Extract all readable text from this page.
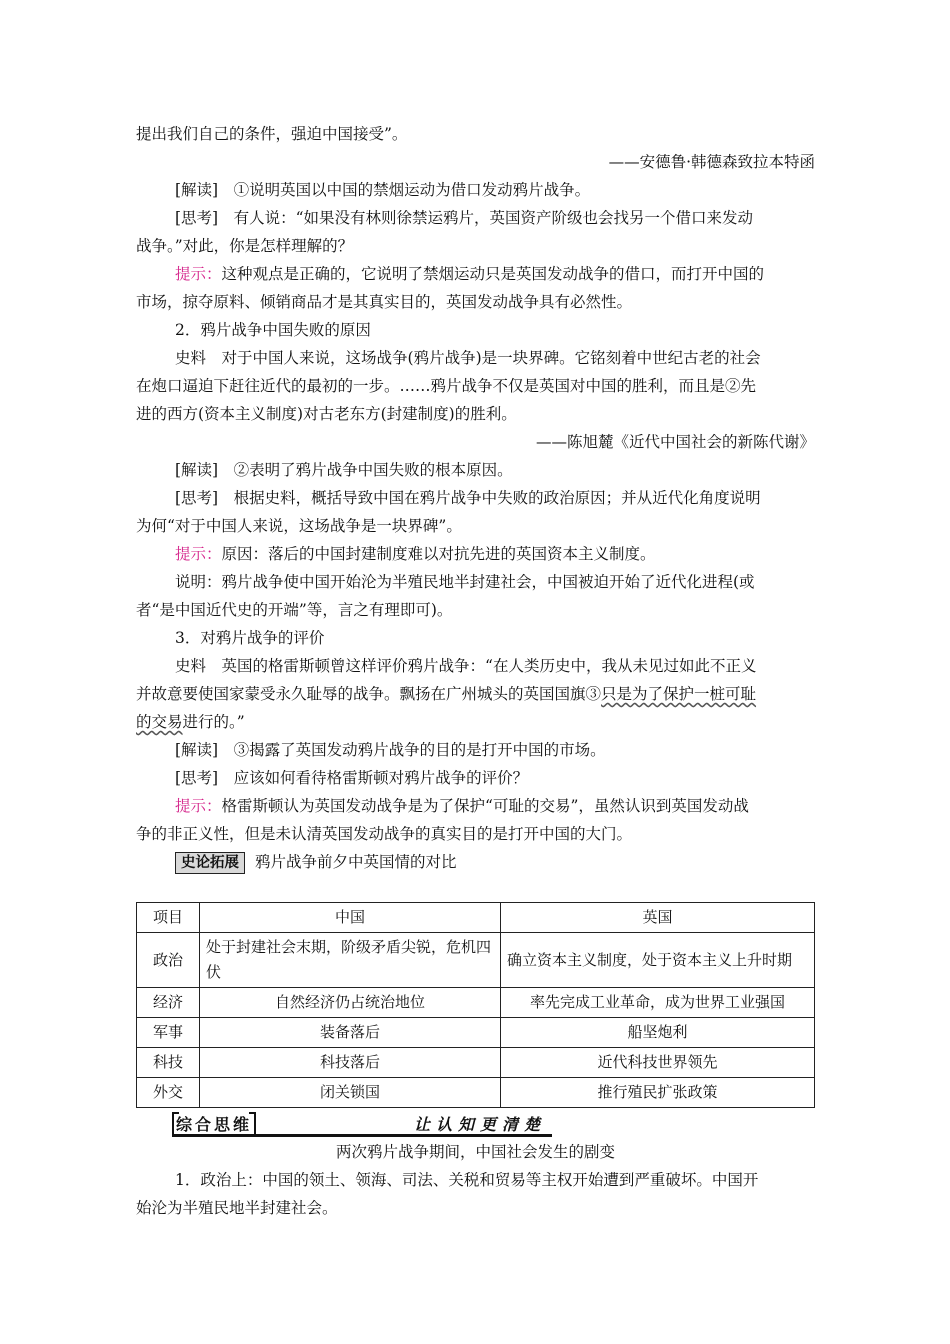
提出我们自己的条件，强迫中国接受”。
——安德鲁·韩德森致拉本特函
[解读]　 ①说明英国以中国的禁烟运动为借口发动鸦片战争。
[思考]　 有人说：“如果没有林则徐禁运鸦片，英国资产阶级也会找另一个借口来发动
战争。”对此，你是怎样理解的？
提示：这种观点是正确的，它说明了禁烟运动只是英国发动战争的借口，而打开中国的
市场，掠夺原料、倾销商品才是其真实目的，英国发动战争具有必然性。
2．鸦片战争中国失败的原因
史料　 对于中国人来说，这场战争(鸦片战争)是一块界碑。它铭刻着中世纪古老的社会
在炮口逼迫下赶往近代的最初的一步。……鸦片战争不仅是英国对中国的胜利，而且是②先
进的西方(资本主义制度)对古老东方(封建制度)的胜利。
——陈旭麓《近代中国社会的新陈代谢》
[解读]　 ②表明了鸦片战争中国失败的根本原因。
[思考]　 根据史料，概括导致中国在鸦片战争中失败的政治原因；并从近代化角度说明
为何“对于中国人来说，这场战争是一块界碑”。
提示：原因：落后的中国封建制度难以对抗先进的英国资本主义制度。
说明：鸦片战争使中国开始沦为半殖民地半封建社会，中国被迫开始了近代化进程(或
者“是中国近代史的开端”等，言之有理即可)。
3．对鸦片战争的评价
史料　 英国的格雷斯顿曾这样评价鸦片战争：“在人类历史中，我从未见过如此不正义
并故意要使国家蒙受永久耻辱的战争。飘扬在广州城头的英国国旗③只是为了保护一桩可耻
的交易进行的。”
[解读]　 ③揭露了英国发动鸦片战争的目的是打开中国的市场。
[思考]　 应该如何看待格雷斯顿对鸦片战争的评价？
提示：格雷斯顿认为英国发动战争是为了保护“可耻的交易”，虽然认识到英国发动战
争的非正义性，但是未认清英国发动战争的真实目的是打开中国的大门。
史论拓展 鸦片战争前夕中英国情的对比
项目	中国	英国
政治	处于封建社会末期，阶级矛盾尖锐，危机四伏	确立资本主义制度，处于资本主义上升时期
经济	自然经济仍占统治地位	率先完成工业革命，成为世界工业强国
军事	装备落后	船坚炮利
科技	科技落后	近代科技世界领先
外交	闭关锁国	推行殖民扩张政策
综合思维	让认知更清楚
两次鸦片战争期间，中国社会发生的剧变
1．政治上：中国的领土、领海、司法、关税和贸易等主权开始遭到严重破坏。中国开
始沦为半殖民地半封建社会。
